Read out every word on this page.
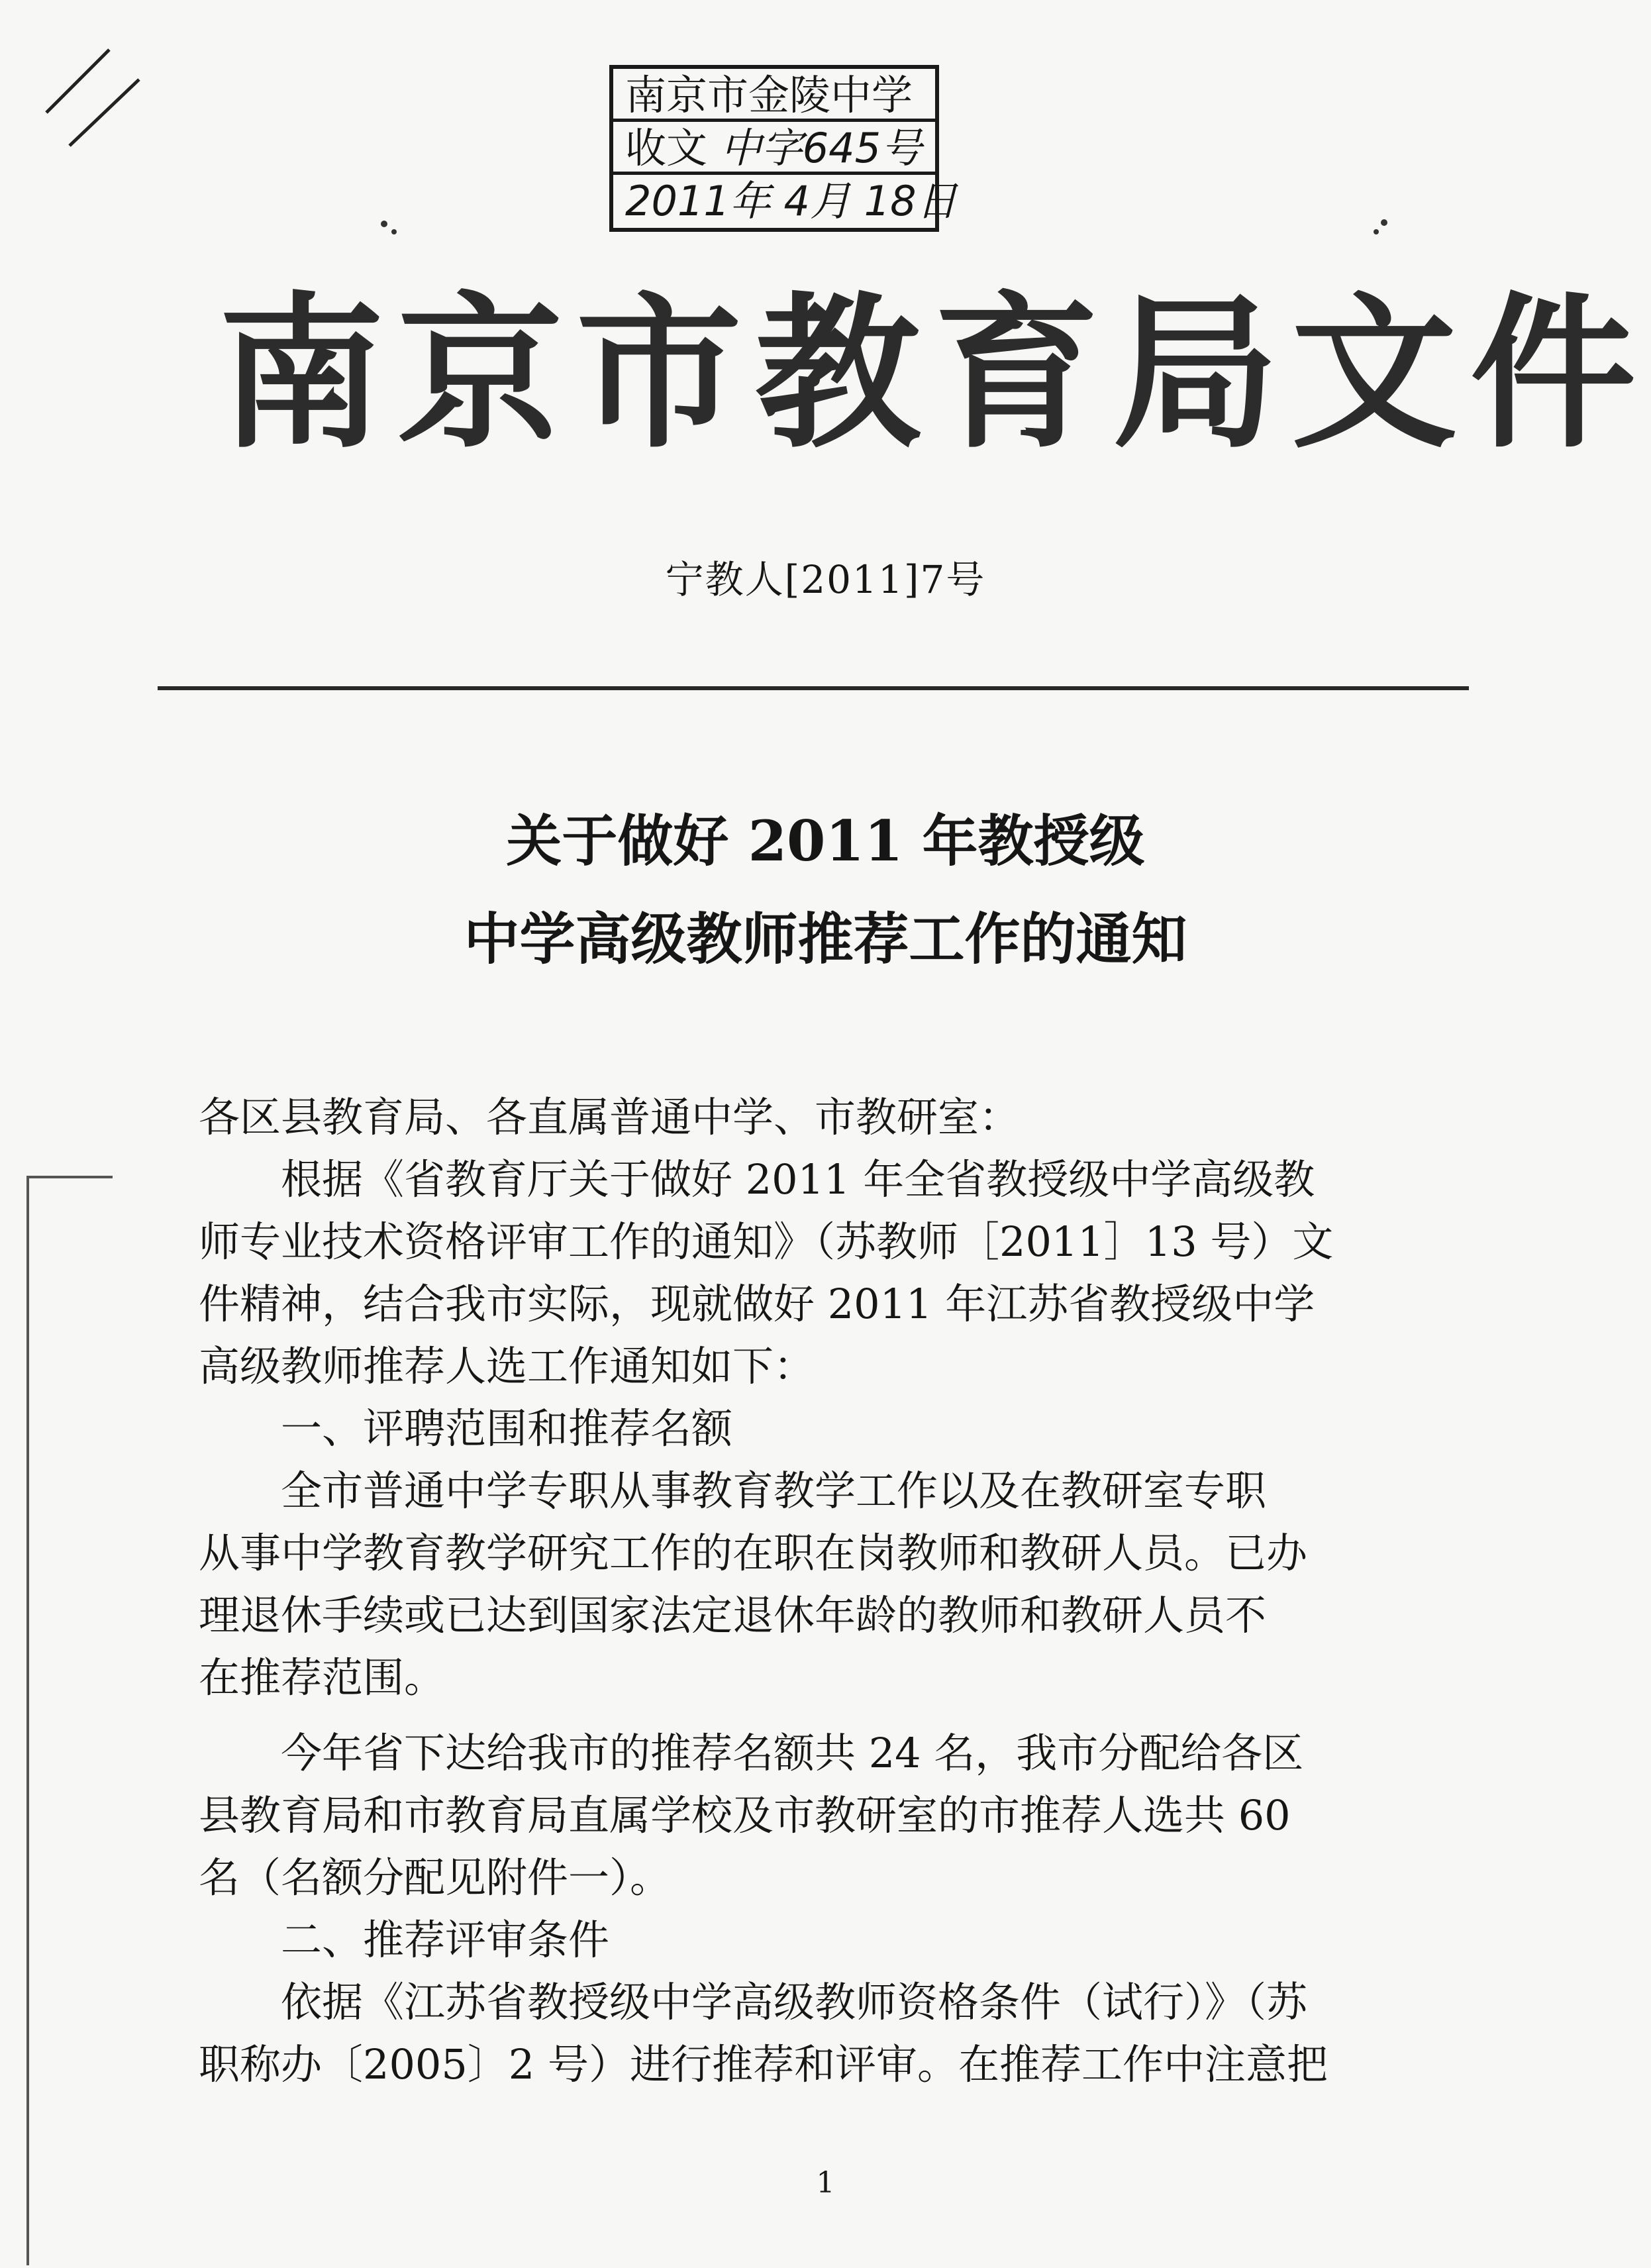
南京市金陵中学
收文 中字645号
2011年 4月 18日
南京市教育局文件
宁教人[2011]7号
关于做好 2011 年教授级
中学高级教师推荐工作的通知
各区县教育局、各直属普通中学、市教研室：
根据《省教育厅关于做好 2011 年全省教授级中学高级教
师专业技术资格评审工作的通知》（苏教师［2011］13 号）文
件精神，结合我市实际，现就做好 2011 年江苏省教授级中学
高级教师推荐人选工作通知如下：
一、评聘范围和推荐名额
全市普通中学专职从事教育教学工作以及在教研室专职
从事中学教育教学研究工作的在职在岗教师和教研人员。已办
理退休手续或已达到国家法定退休年龄的教师和教研人员不
在推荐范围。
今年省下达给我市的推荐名额共 24 名，我市分配给各区
县教育局和市教育局直属学校及市教研室的市推荐人选共 60
名（名额分配见附件一）。
二、推荐评审条件
依据《江苏省教授级中学高级教师资格条件（试行）》（苏
职称办〔2005〕2 号）进行推荐和评审。在推荐工作中注意把
1
